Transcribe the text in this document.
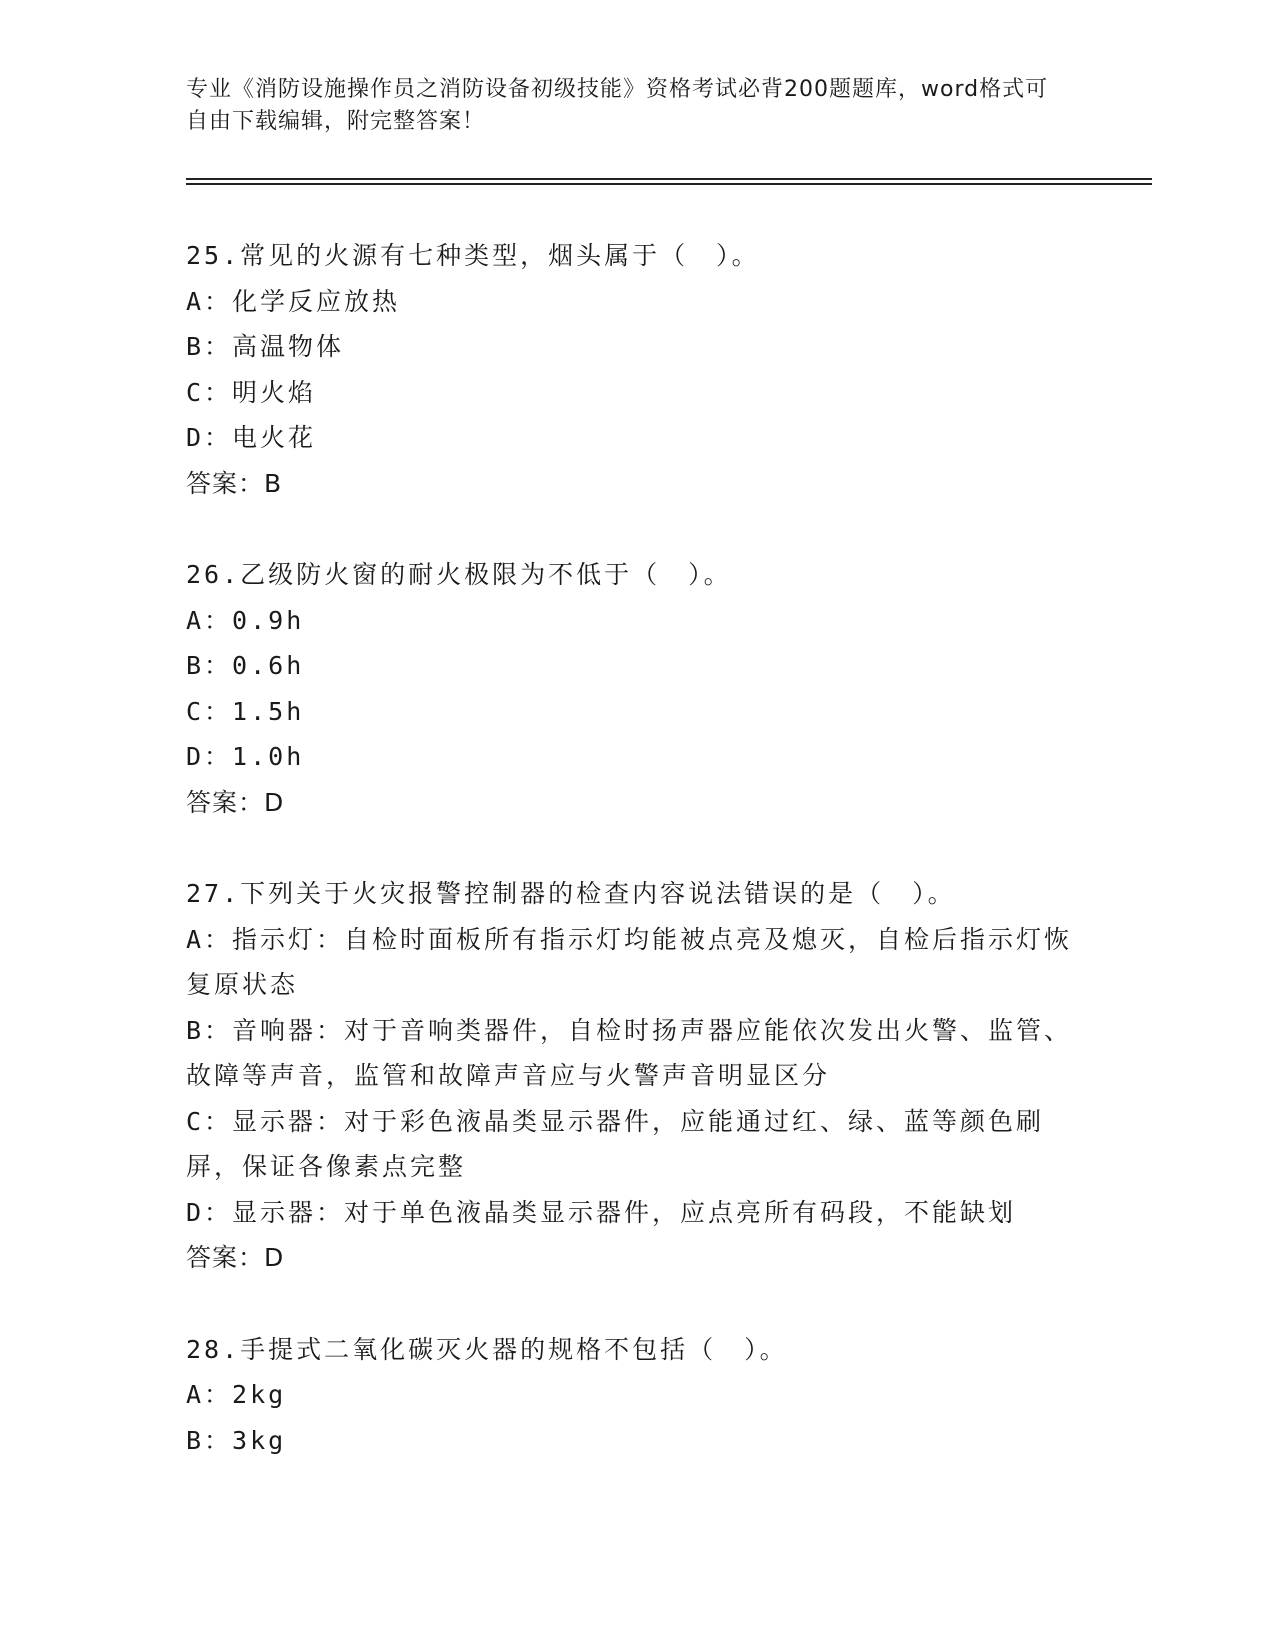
专业《消防设施操作员之消防设备初级技能》资格考试必背200题题库，word格式可自由下载编辑，附完整答案！
25.常见的火源有七种类型，烟头属于（　）。
A：化学反应放热
B：高温物体
C：明火焰
D：电火花
答案：B
26.乙级防火窗的耐火极限为不低于（　）。
A：0.9h
B：0.6h
C：1.5h
D：1.0h
答案：D
27.下列关于火灾报警控制器的检查内容说法错误的是（　）。
A：指示灯：自检时面板所有指示灯均能被点亮及熄灭，自检后指示灯恢复原状态
B：音响器：对于音响类器件，自检时扬声器应能依次发出火警、监管、故障等声音，监管和故障声音应与火警声音明显区分
C：显示器：对于彩色液晶类显示器件，应能通过红、绿、蓝等颜色刷屏，保证各像素点完整
D：显示器：对于单色液晶类显示器件，应点亮所有码段，不能缺划
答案：D
28.手提式二氧化碳灭火器的规格不包括（　）。
A：2kg
B：3kg
